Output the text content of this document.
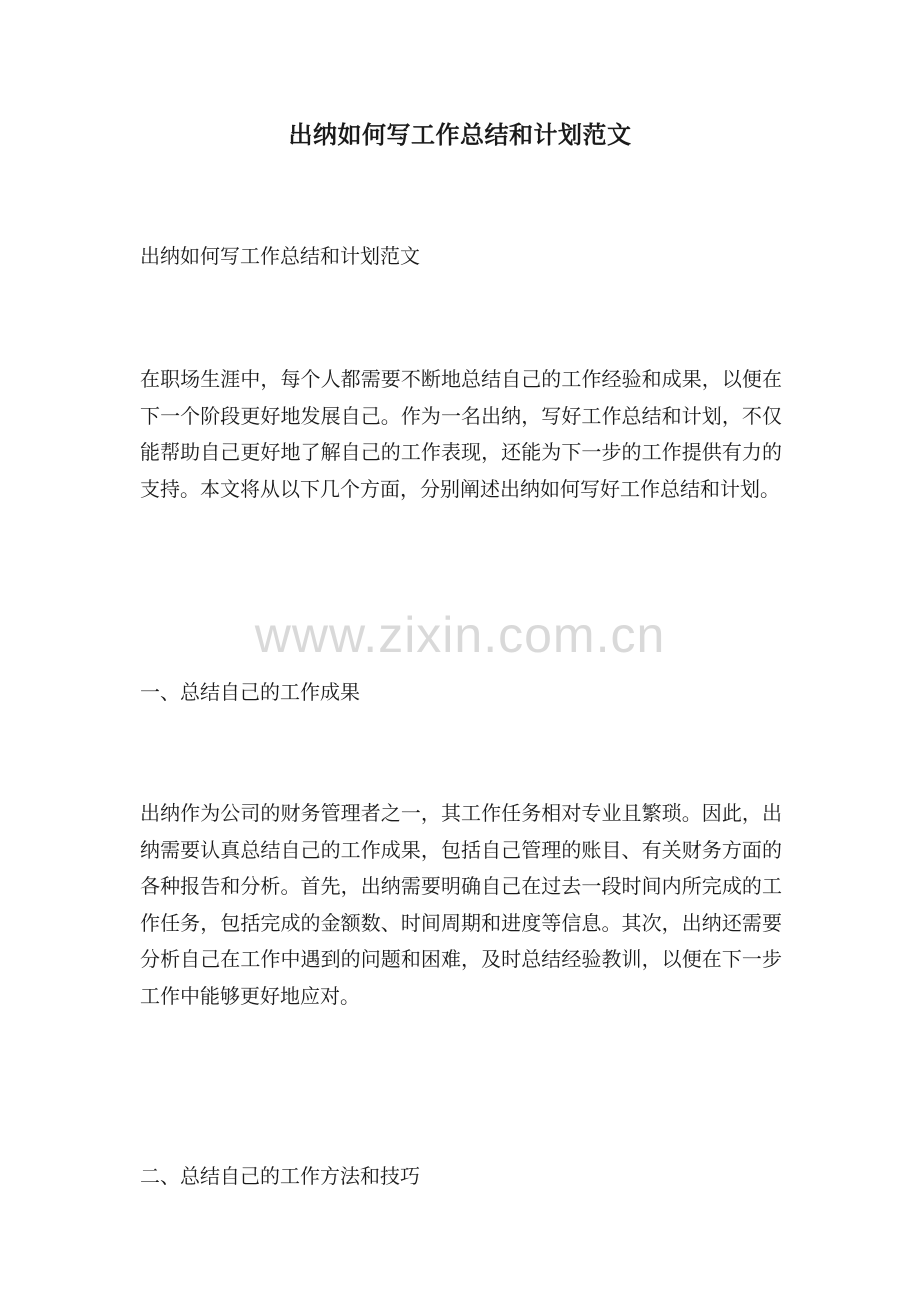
出纳如何写工作总结和计划范文
出纳如何写工作总结和计划范文
在职场生涯中，每个人都需要不断地总结自己的工作经验和成果，以便在下一个阶段更好地发展自己。作为一名出纳，写好工作总结和计划，不仅能帮助自己更好地了解自己的工作表现，还能为下一步的工作提供有力的支持。本文将从以下几个方面，分别阐述出纳如何写好工作总结和计划。
www.zixin.com.cn
一、总结自己的工作成果
出纳作为公司的财务管理者之一，其工作任务相对专业且繁琐。因此，出纳需要认真总结自己的工作成果，包括自己管理的账目、有关财务方面的各种报告和分析。首先，出纳需要明确自己在过去一段时间内所完成的工作任务，包括完成的金额数、时间周期和进度等信息。其次，出纳还需要分析自己在工作中遇到的问题和困难，及时总结经验教训，以便在下一步工作中能够更好地应对。
二、总结自己的工作方法和技巧
